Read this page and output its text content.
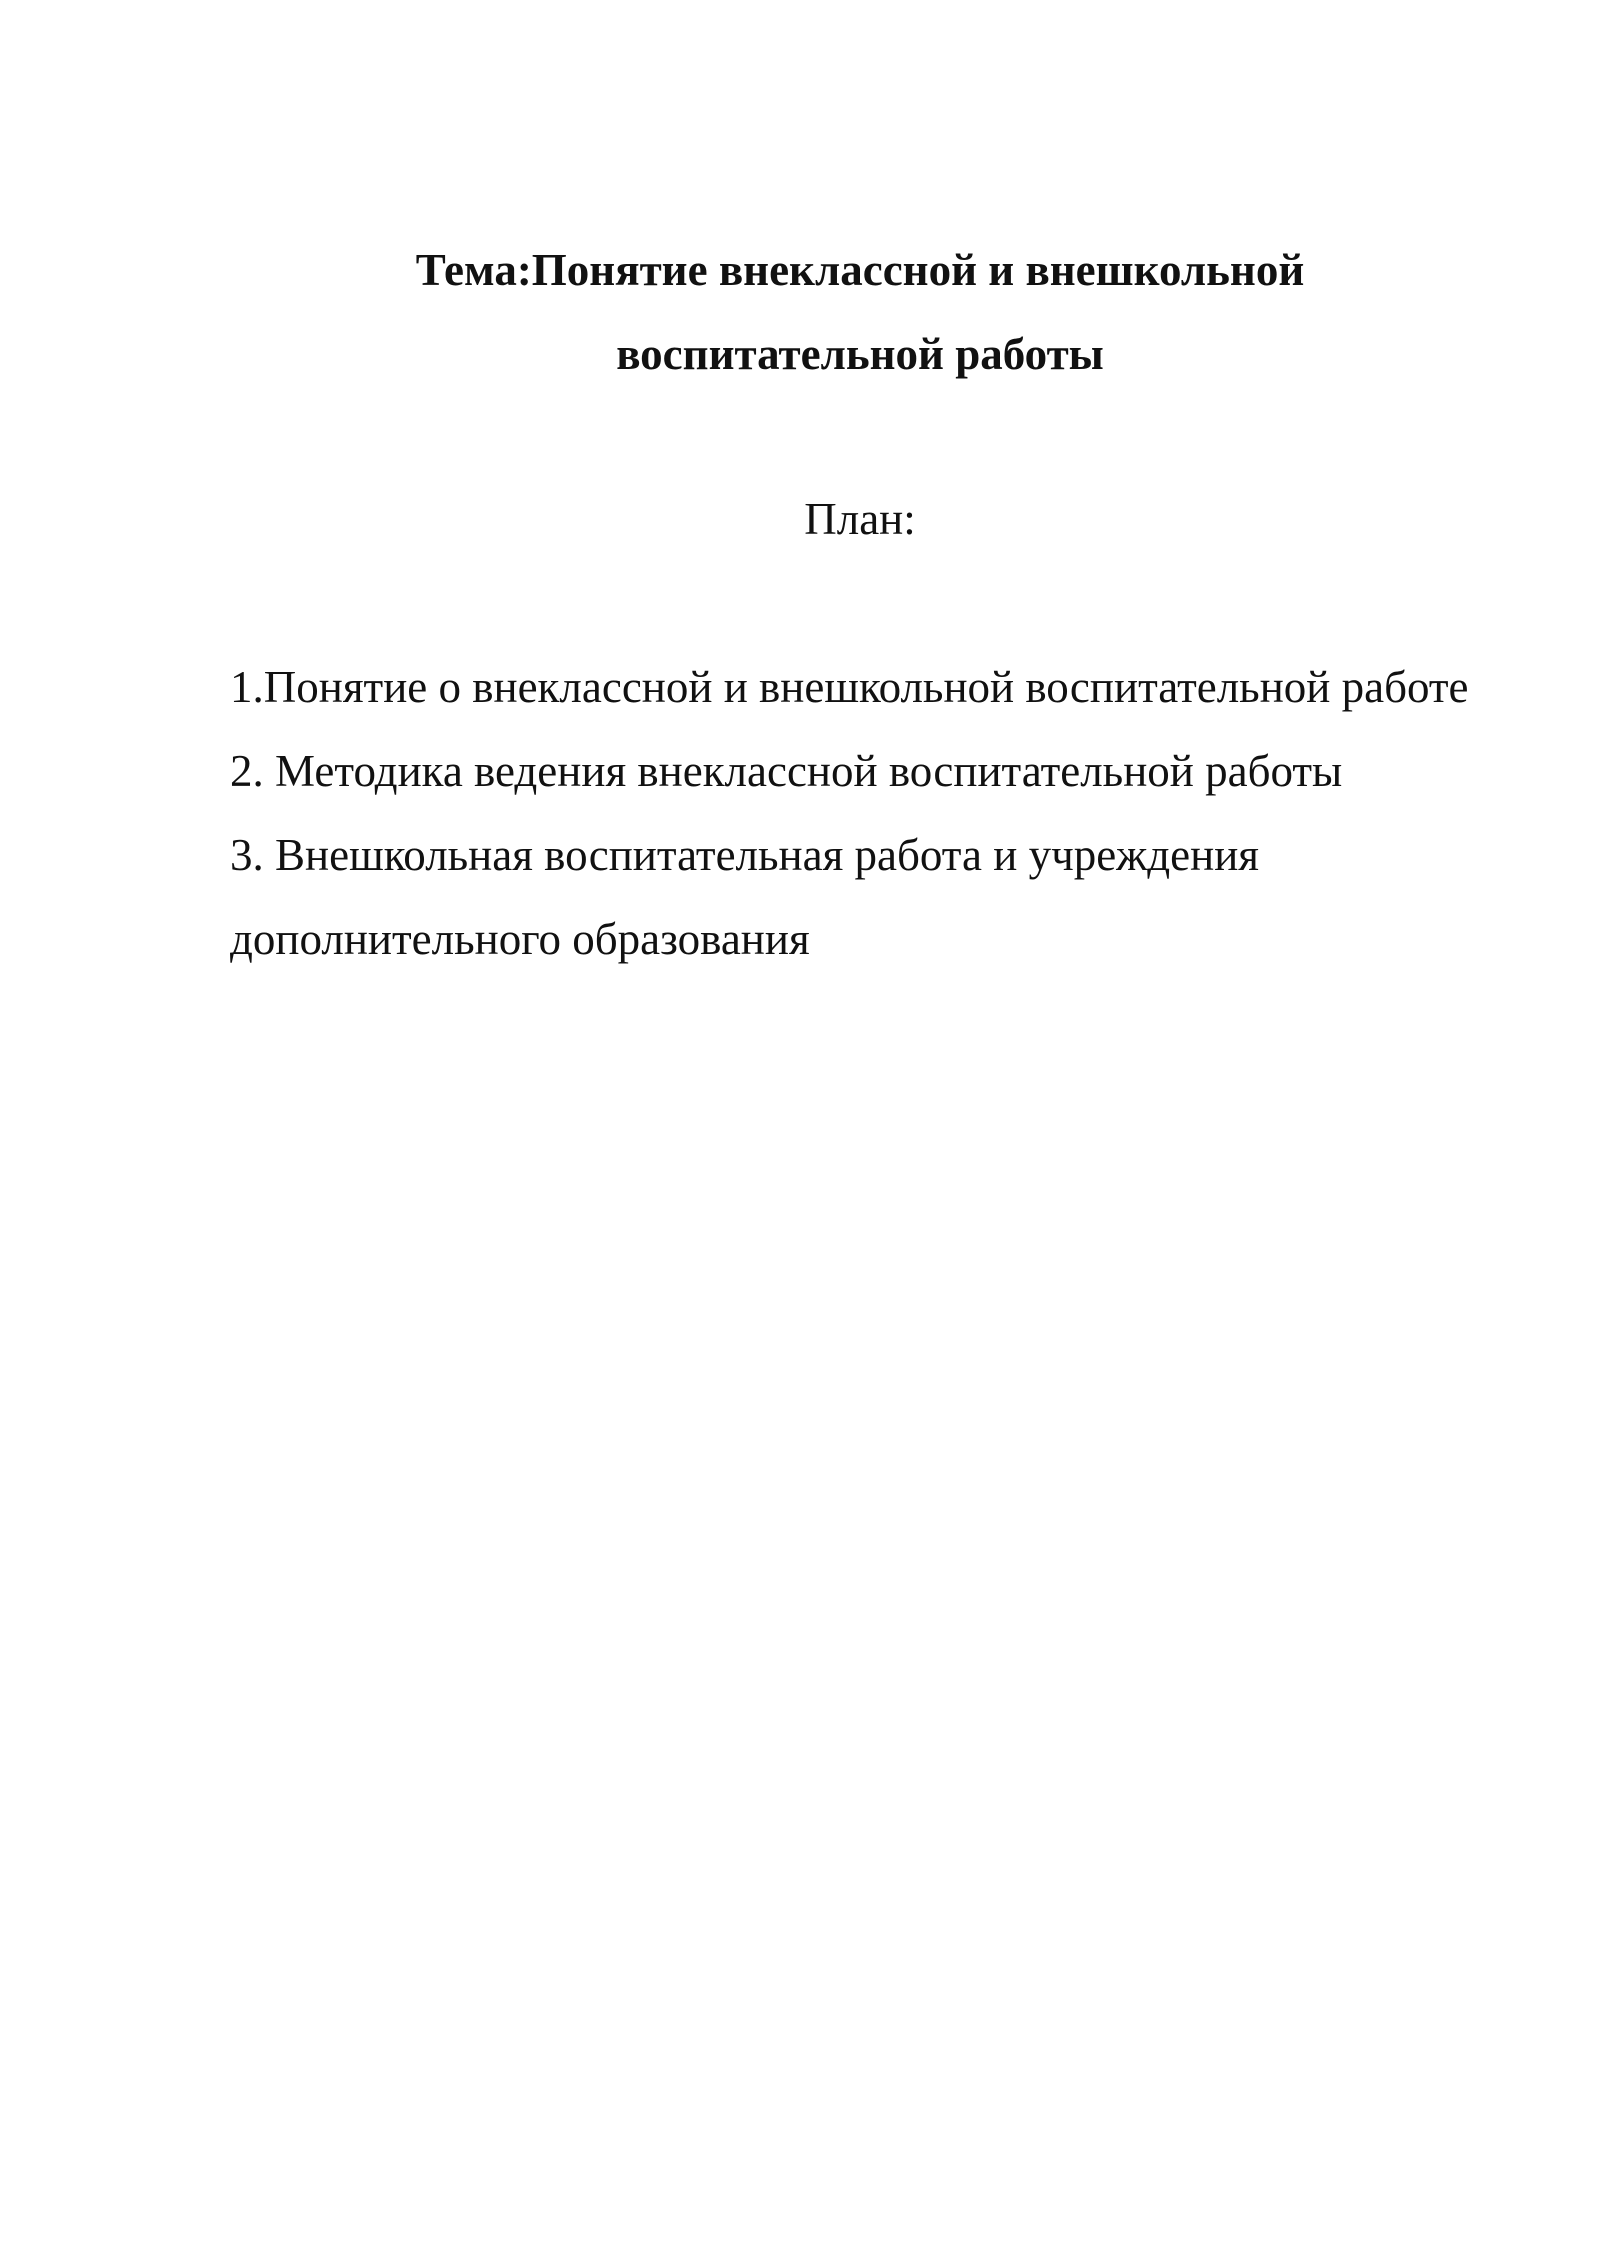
Тема:Понятие внеклассной и внешкольной
воспитательной работы
План:
1.Понятие о внеклассной и внешкольной воспитательной работе
2. Методика ведения внеклассной воспитательной работы
3. Внешкольная воспитательная работа и учреждения дополнительного образования
